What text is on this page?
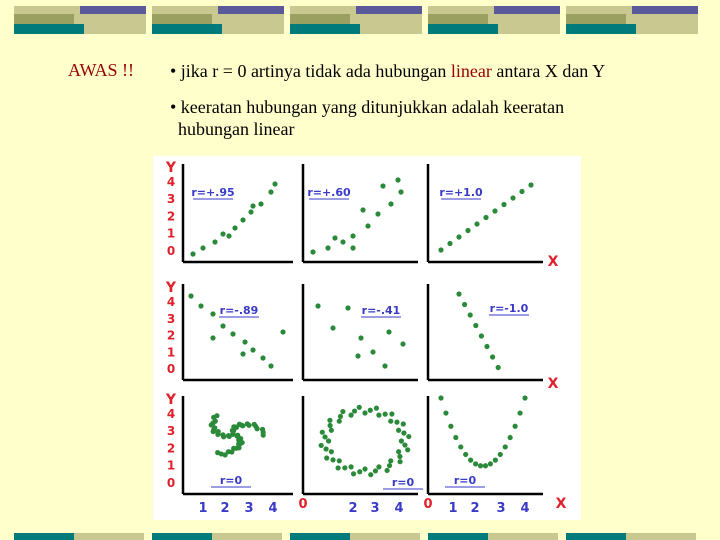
AWAS !! • jika r = 0 artinya tidak ada hubungan linear antara X dan Y
• keeratan hubungan yang ditunjukkan adalah keeratan
hubungan linear
Y
4
3
2
1
0
Y
4
3
2
1
0
Y
4
3
2
1
0
X
X
X
1 2 3 4 0	2 3 4 0 1 2 3 4
r=+.95	r=+.60	r=+1.0
r=-.89	r=-.41	r=-1.0
r=0	r=0	r=0
